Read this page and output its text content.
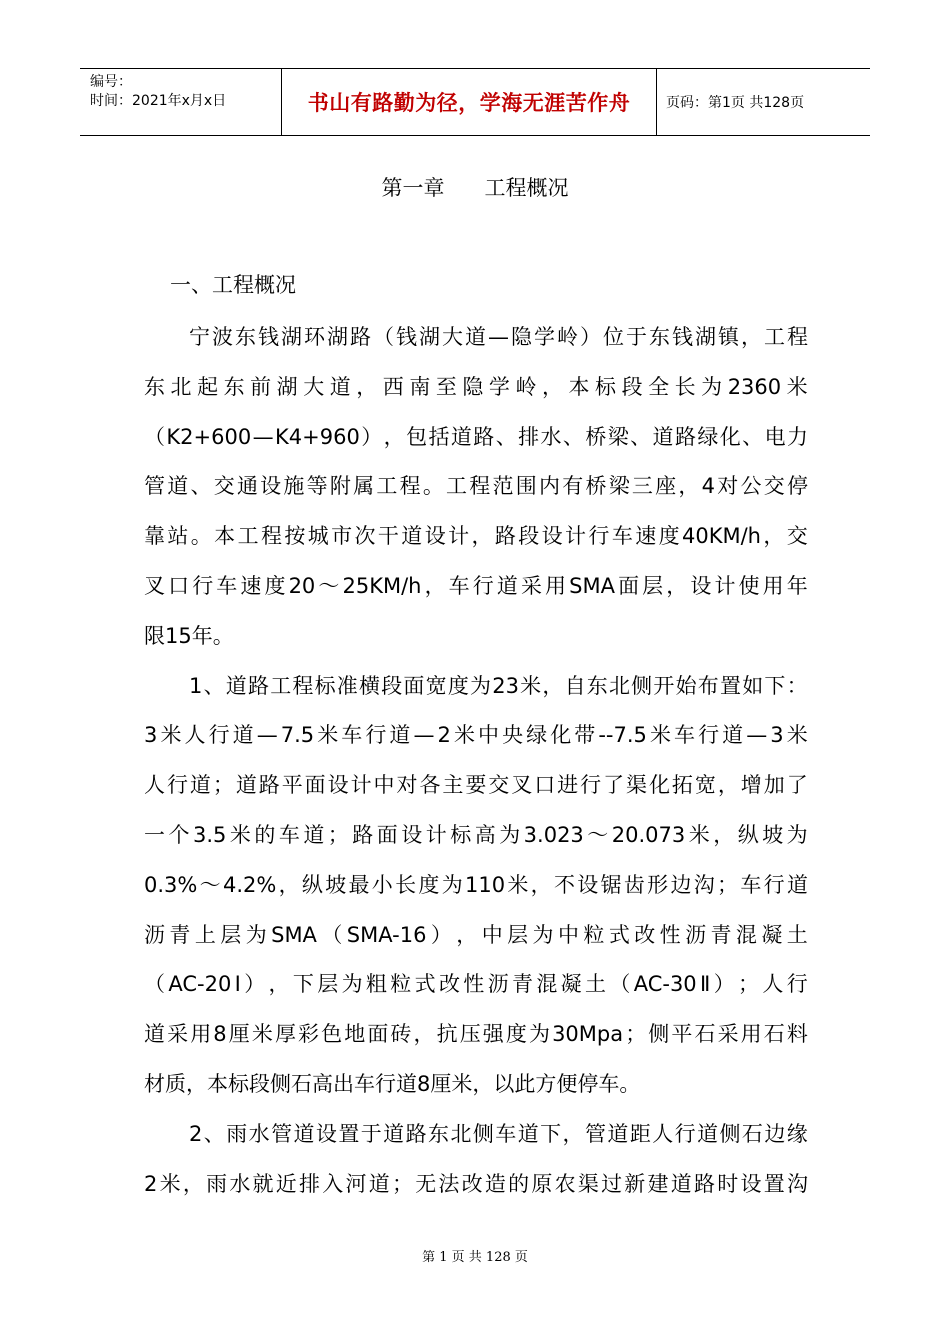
编号：
时间：2021年x月x日	书山有路勤为径，学海无涯苦作舟	页码：第1页 共128页
第一章      工程概况
一、工程概况
宁 波 东 钱 湖 环 湖 路 （ 钱 湖 大 道 — 隐 学 岭 ） 位 于 东 钱 湖 镇 ， 工 程
东 北 起 东 前 湖 大 道 ， 西 南 至 隐 学 岭 ， 本 标 段 全 长 为 2360 米
（ K2+600 — K4+960 ） ， 包 括 道 路 、 排 水 、 桥 梁 、 道 路 绿 化 、 电 力
管 道 、 交 通 设 施 等 附 属 工 程 。 工 程 范 围 内 有 桥 梁 三 座 ， 4 对 公 交 停
靠 站 。 本 工 程 按 城 市 次 干 道 设 计 ， 路 段 设 计 行 车 速 度 40KM/h ， 交
叉 口 行 车 速 度 20 ～ 25KM/h ， 车 行 道 采 用 SMA 面 层 ， 设 计 使 用 年
限15年。
1 、 道 路 工 程 标 准 横 段 面 宽 度 为 23 米 ， 自 东 北 侧 开 始 布 置 如 下 ：
3 米 人 行 道 — 7.5 米 车 行 道 — 2 米 中 央 绿 化 带 --7.5 米 车 行 道 — 3 米
人 行 道 ； 道 路 平 面 设 计 中 对 各 主 要 交 叉 口 进 行 了 渠 化 拓 宽 ， 增 加 了
一 个 3.5 米 的 车 道 ； 路 面 设 计 标 高 为 3.023 ～ 20.073 米 ， 纵 坡 为
0.3% ～ 4.2% ， 纵 坡 最 小 长 度 为 110 米 ， 不 设 锯 齿 形 边 沟 ； 车 行 道
沥 青 上 层 为 SMA （ SMA-16 ） ， 中 层 为 中 粒 式 改 性 沥 青 混 凝 土
（ AC-20 Ⅰ ） ， 下 层 为 粗 粒 式 改 性 沥 青 混 凝 土 （ AC-30 Ⅱ ） ； 人 行
道 采 用 8 厘 米 厚 彩 色 地 面 砖 ， 抗 压 强 度 为 30Mpa ； 侧 平 石 采 用 石 料
材质，本标段侧石高出车行道8厘米，以此方便停车。
2 、 雨 水 管 道 设 置 于 道 路 东 北 侧 车 道 下 ， 管 道 距 人 行 道 侧 石 边 缘
2 米 ， 雨 水 就 近 排 入 河 道 ； 无 法 改 造 的 原 农 渠 过 新 建 道 路 时 设 置 沟
第 1 页 共 128 页
